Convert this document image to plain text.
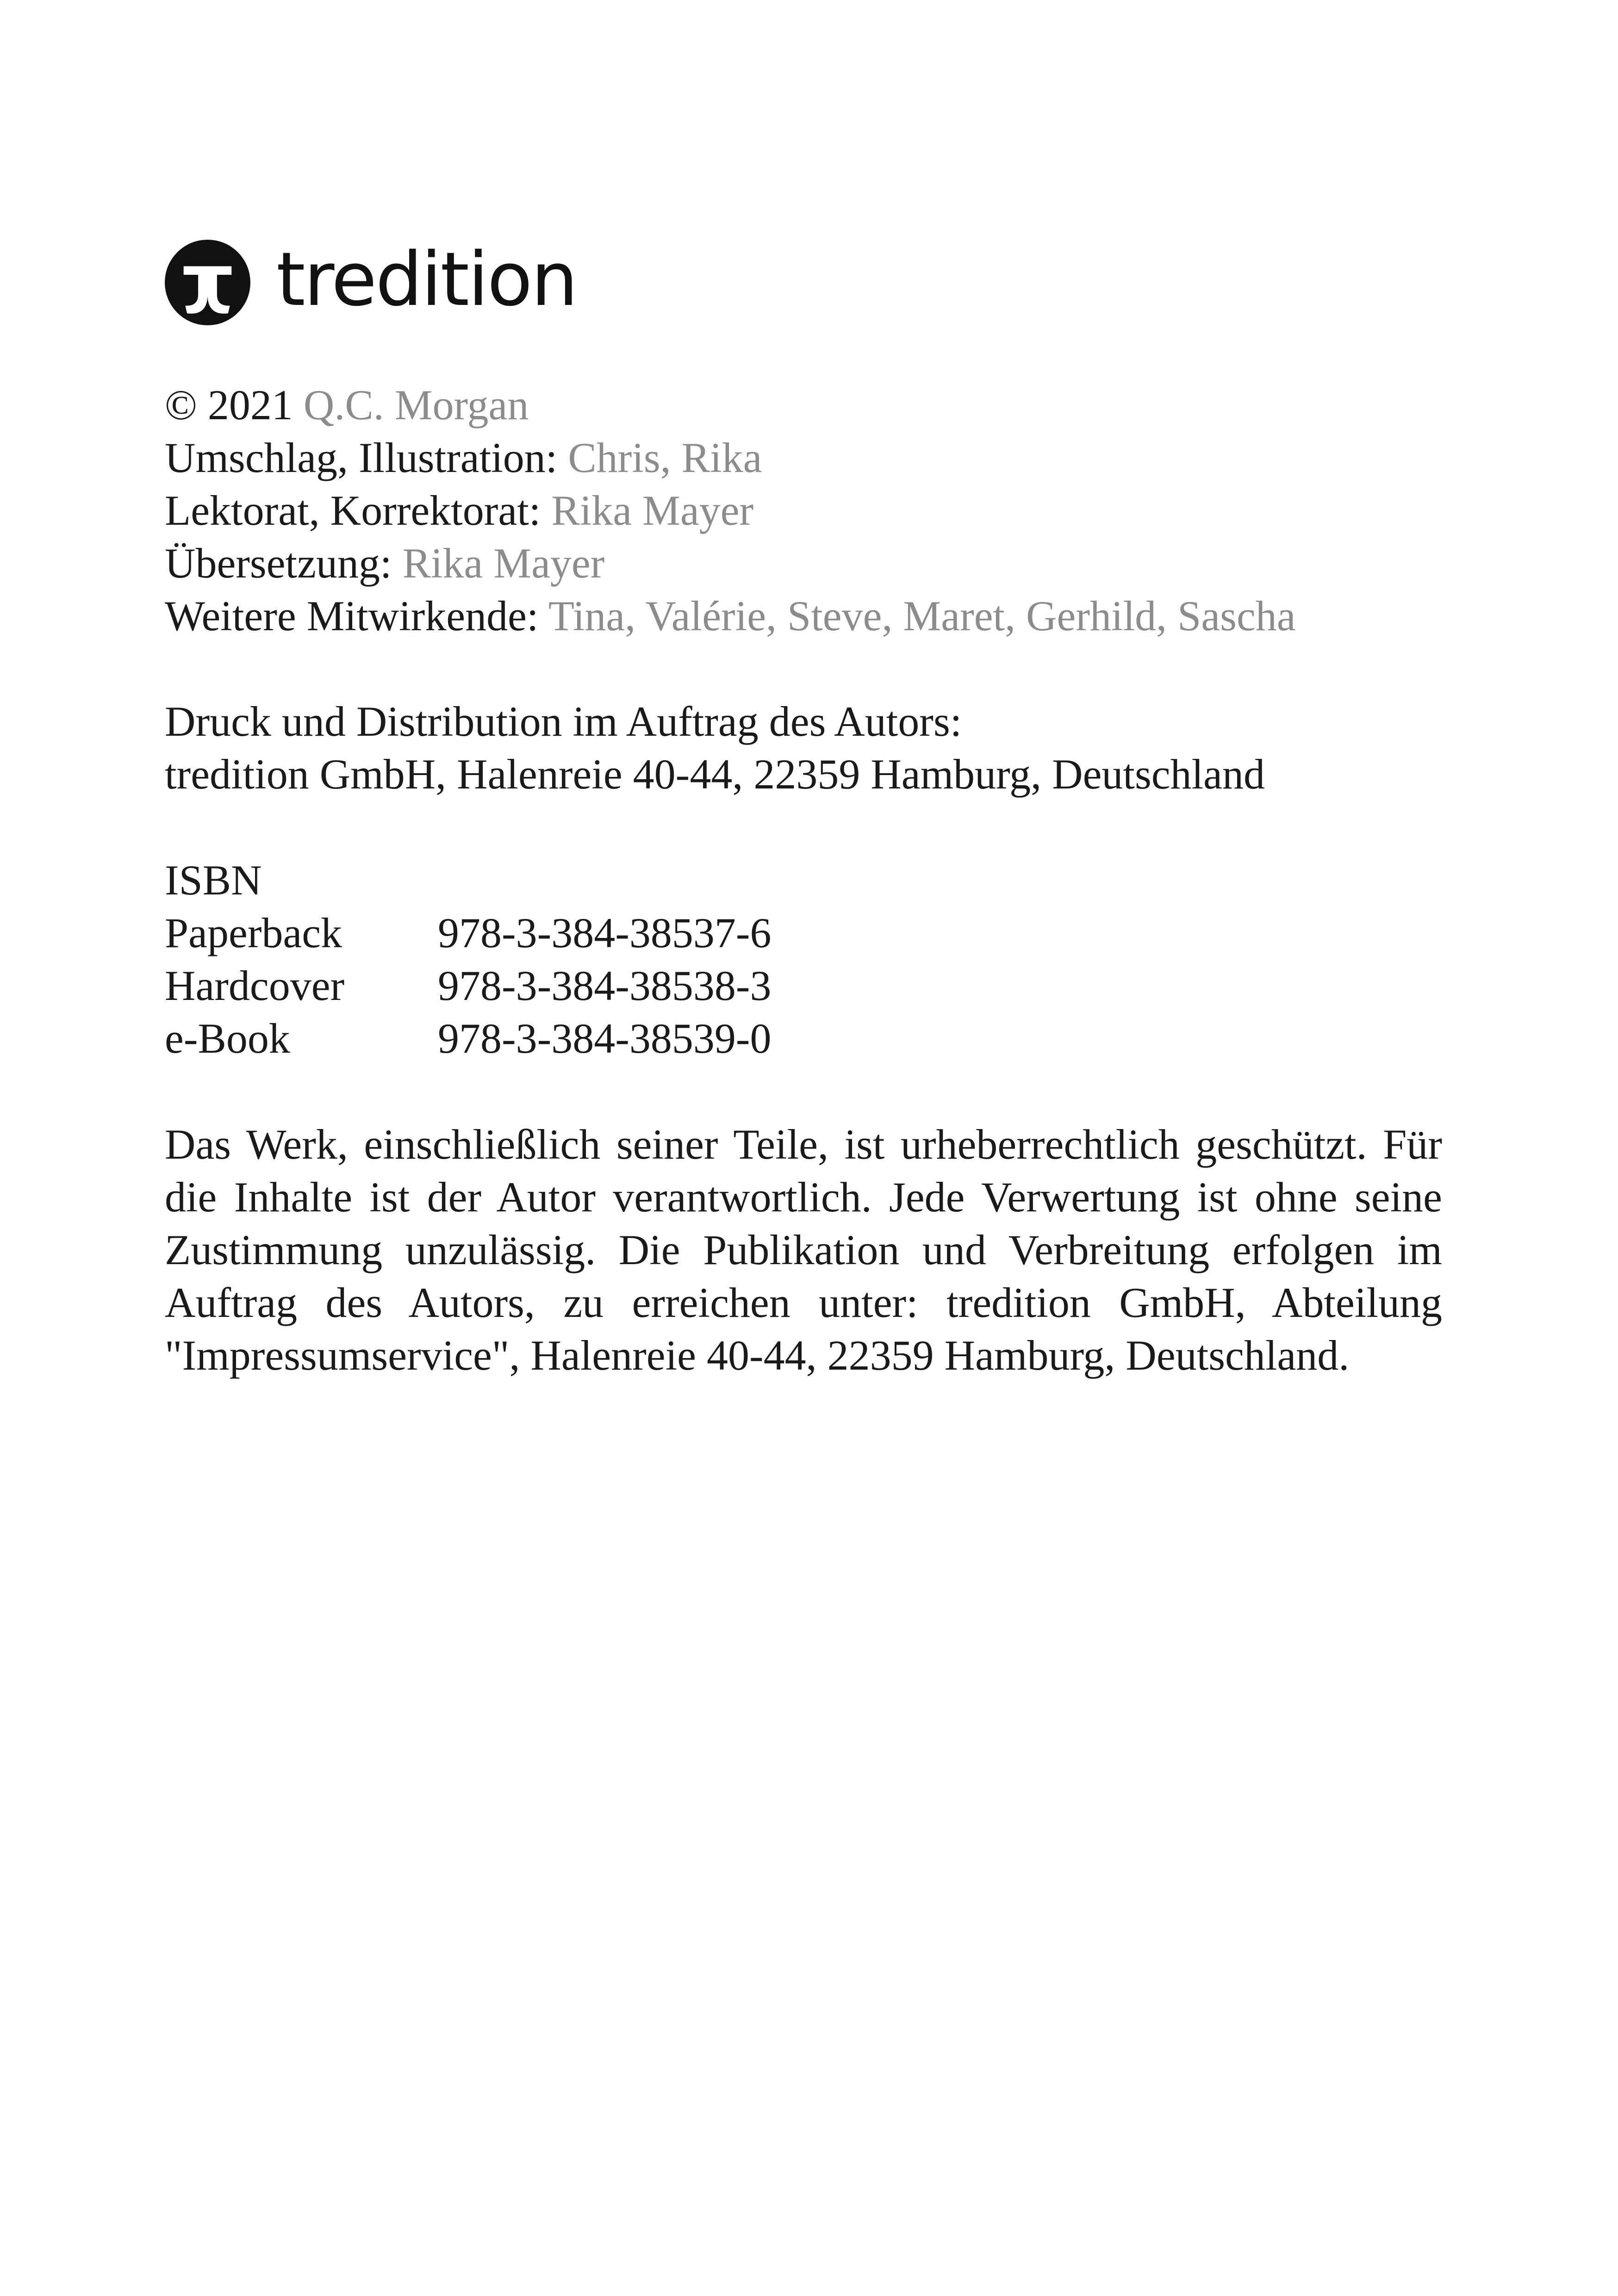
tredition
© 2021 Q.C. Morgan
Umschlag, Illustration: Chris, Rika
Lektorat, Korrektorat: Rika Mayer
Übersetzung: Rika Mayer
Weitere Mitwirkende: Tina, Valérie, Steve, Maret, Gerhild, Sascha
Druck und Distribution im Auftrag des Autors:
tredition GmbH, Halenreie 40-44, 22359 Hamburg, Deutschland
ISBN
Paperback	978-3-384-38537-6
Hardcover	978-3-384-38538-3
e-Book	978-3-384-38539-0
Das Werk, einschließlich seiner Teile, ist urheberrechtlich geschützt. Für die Inhalte ist der Autor verantwortlich. Jede Verwertung ist ohne seine Zustimmung unzulässig. Die Publikation und Verbreitung erfolgen im Auftrag des Autors, zu erreichen unter: tredition GmbH, Abteilung "Impressumservice", Halenreie 40-44, 22359 Hamburg, Deutschland.
